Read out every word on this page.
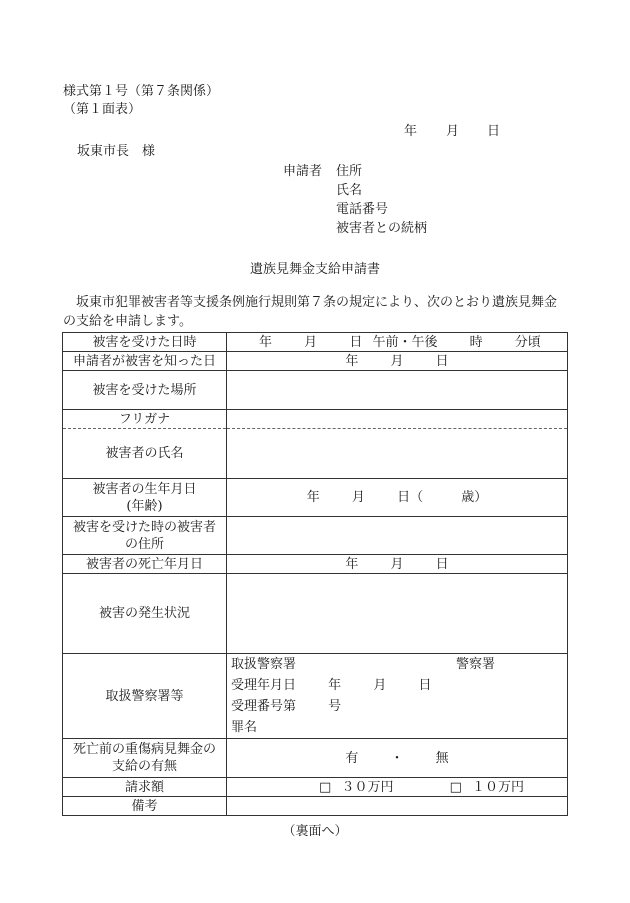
様式第１号（第７条関係）
（第１面表）
年 月 日
坂東市長　様
申請者 住所
氏名
電話番号
被害者との続柄
遺族見舞金支給申請書
坂東市犯罪被害者等支援条例施行規則第７条の規定により、次のとおり遺族見舞金の支給を申請します。
被害を受けた日時	年 月 日 午前・午後 時 分頃
申請者が被害を知った日	年 月 日
被害を受けた場所	
フリガナ	
被害者の氏名	

被害者の生年月日
(年齢)	年 月 日（ 歳）

被害を受けた時の被害者
の住所	

被害者の死亡年月日	年 月 日
被害の発生状況	
取扱警察署等	取扱警察署 警察署
受理年月日 年 月 日
受理番号第 号
罪名

死亡前の重傷病見舞金の
支給の有無	有 ・ 無
請求額	□ ３０万円 □ １０万円
備考	
（裏面へ）
